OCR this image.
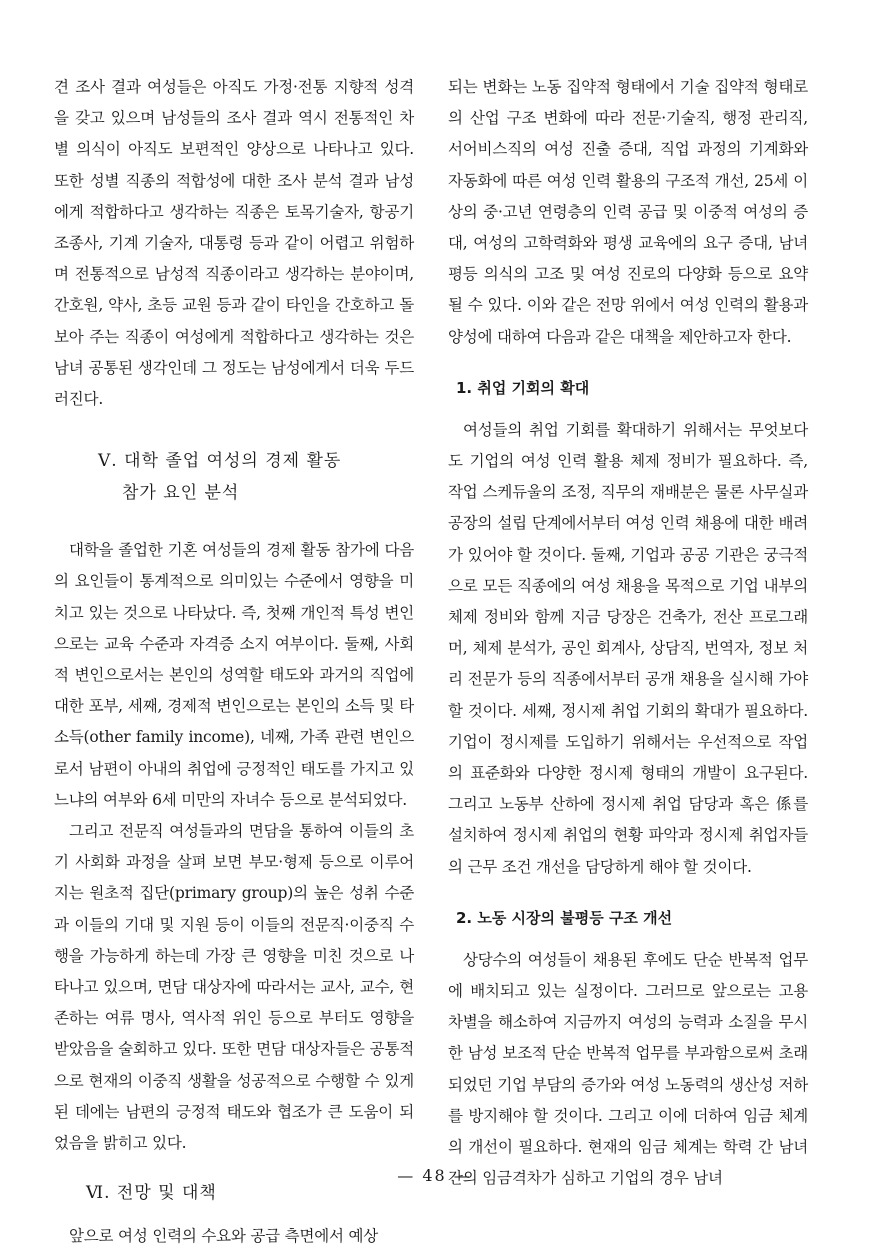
견 조사 결과 여성들은 아직도 가정·전통 지향적 성격을 갖고 있으며 남성들의 조사 결과 역시 전통적인 차별 의식이 아직도 보편적인 양상으로 나타나고 있다. 또한 성별 직종의 적합성에 대한 조사 분석 결과 남성에게 적합하다고 생각하는 직종은 토목기술자, 항공기 조종사, 기계 기술자, 대통령 등과 같이 어렵고 위험하며 전통적으로 남성적 직종이라고 생각하는 분야이며, 간호원, 약사, 초등 교원 등과 같이 타인을 간호하고 돌보아 주는 직종이 여성에게 적합하다고 생각하는 것은 남녀 공통된 생각인데 그 정도는 남성에게서 더욱 두드러진다.

Ⅴ. 대학 졸업 여성의 경제 활동
참가 요인 분석

대학을 졸업한 기혼 여성들의 경제 활동 참가에 다음의 요인들이 통계적으로 의미있는 수준에서 영향을 미치고 있는 것으로 나타났다. 즉, 첫째 개인적 특성 변인으로는 교육 수준과 자격증 소지 여부이다. 둘째, 사회적 변인으로서는 본인의 성역할 태도와 과거의 직업에 대한 포부, 세째, 경제적 변인으로는 본인의 소득 및 타소득(other family income), 네째, 가족 관련 변인으로서 남편이 아내의 취업에 긍정적인 태도를 가지고 있느냐의 여부와 6세 미만의 자녀수 등으로 분석되었다.

그리고 전문직 여성들과의 면담을 통하여 이들의 초기 사회화 과정을 살펴 보면 부모·형제 등으로 이루어지는 원초적 집단(primary group)의 높은 성취 수준과 이들의 기대 및 지원 등이 이들의 전문직·이중직 수행을 가능하게 하는데 가장 큰 영향을 미친 것으로 나타나고 있으며, 면담 대상자에 따라서는 교사, 교수, 현존하는 여류 명사, 역사적 위인 등으로 부터도 영향을 받았음을 술회하고 있다. 또한 면담 대상자들은 공통적으로 현재의 이중직 생활을 성공적으로 수행할 수 있게 된 데에는 남편의 긍정적 태도와 협조가 큰 도움이 되었음을 밝히고 있다.

Ⅵ. 전망 및 대책

앞으로 여성 인력의 수요와 공급 측면에서 예상

되는 변화는 노동 집약적 형태에서 기술 집약적 형태로의 산업 구조 변화에 따라 전문·기술직, 행정 관리직, 서어비스직의 여성 진출 증대, 직업 과정의 기계화와 자동화에 따른 여성 인력 활용의 구조적 개선, 25세 이상의 중·고년 연령층의 인력 공급 및 이중적 여성의 증대, 여성의 고학력화와 평생 교육에의 요구 증대, 남녀 평등 의식의 고조 및 여성 진로의 다양화 등으로 요약될 수 있다. 이와 같은 전망 위에서 여성 인력의 활용과 양성에 대하여 다음과 같은 대책을 제안하고자 한다.

1. 취업 기회의 확대

여성들의 취업 기회를 확대하기 위해서는 무엇보다도 기업의 여성 인력 활용 체제 정비가 필요하다. 즉, 작업 스케듀울의 조정, 직무의 재배분은 물론 사무실과 공장의 설립 단계에서부터 여성 인력 채용에 대한 배려가 있어야 할 것이다. 둘째, 기업과 공공 기관은 궁극적으로 모든 직종에의 여성 채용을 목적으로 기업 내부의 체제 정비와 함께 지금 당장은 건축가, 전산 프로그래머, 체제 분석가, 공인 회계사, 상담직, 번역자, 정보 처리 전문가 등의 직종에서부터 공개 채용을 실시해 가야 할 것이다. 세째, 정시제 취업 기회의 확대가 필요하다. 기업이 정시제를 도입하기 위해서는 우선적으로 작업의 표준화와 다양한 정시제 형태의 개발이 요구된다. 그리고 노동부 산하에 정시제 취업 담당과 혹은 係를 설치하여 정시제 취업의 현황 파악과 정시제 취업자들의 근무 조건 개선을 담당하게 해야 할 것이다.

2. 노동 시장의 불평등 구조 개선

상당수의 여성들이 채용된 후에도 단순 반복적 업무에 배치되고 있는 실정이다. 그러므로 앞으로는 고용 차별을 해소하여 지금까지 여성의 능력과 소질을 무시한 남성 보조적 단순 반복적 업무를 부과함으로써 초래되었던 기업 부담의 증가와 여성 노동력의 생산성 저하를 방지해야 할 것이다. 그리고 이에 더하여 임금 체계의 개선이 필요하다. 현재의 임금 체계는 학력 간 남녀 간의 임금격차가 심하고 기업의 경우 남녀

— 48 —
